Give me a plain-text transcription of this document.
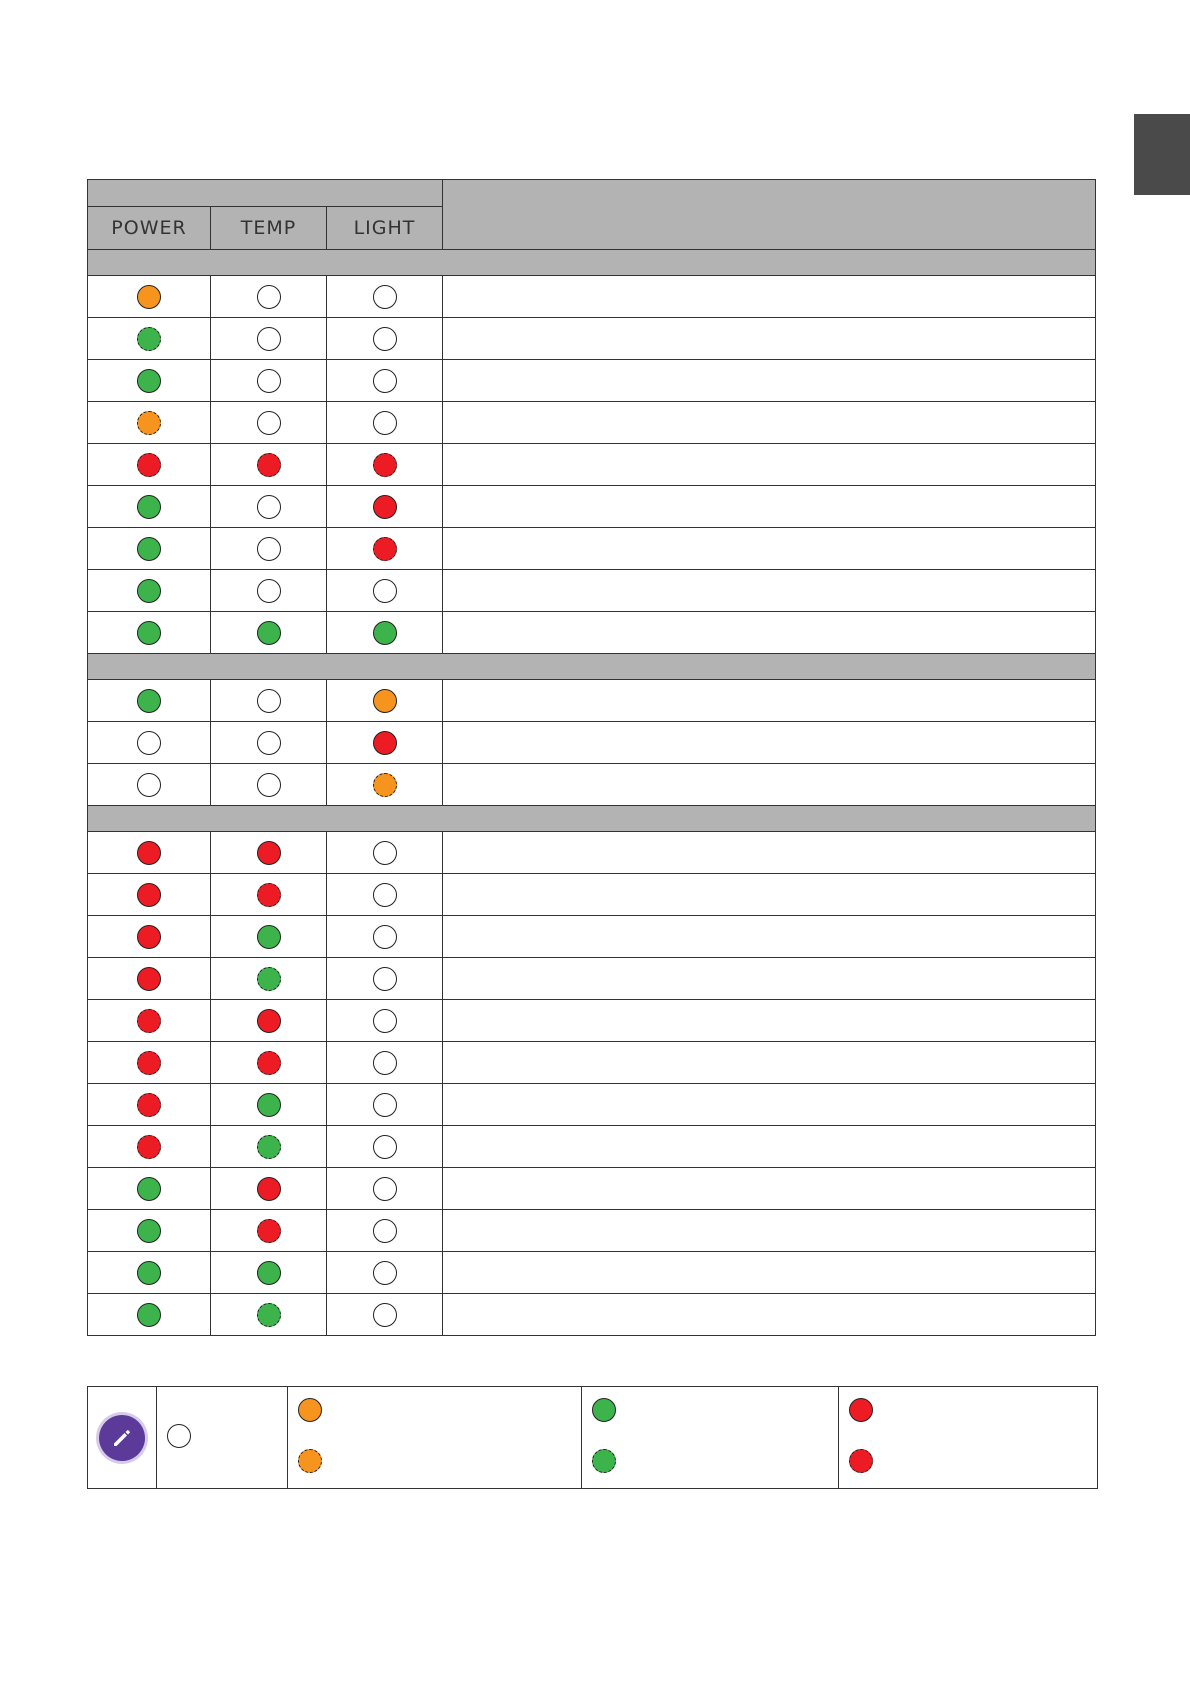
POWER	TEMP	LIGHT	
